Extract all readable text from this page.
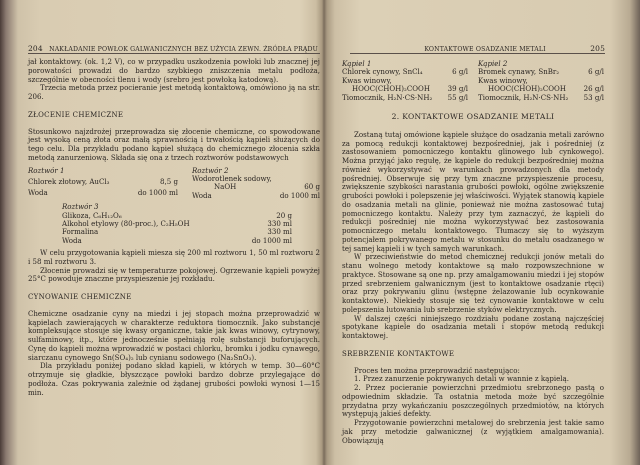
204 NAKŁADANIE POWŁOK GALWANICZNYCH BEZ UŻYCIA ZEWN. ŹRÓDŁA PRĄDU	KONTAKTOWE OSADZANIE METALI	205

jał kontaktowy. (ok. 1,2 V), co w przypadku uszkodzenia powłoki lub znacznej jej porowatości prowadzi do bardzo szybkiego zniszczenia metalu podłoża, szczególnie w obecności tlenu i wody (srebro jest powłoką katodową).

Trzecia metoda przez pocieranie jest metodą kontaktową, omówiono ją na str. 206.

ZŁOCENIE CHEMICZNE

Stosunkowo najzdrożej przeprowadza się złocenie chemiczne, co spowodowane jest wysoką ceną złota oraz małą sprawnością i trwałością kąpieli służących do tego celu. Dla przykładu podano kąpiel służącą do chemicznego złocenia szkła metodą zanurzeniową. Składa się ona z trzech roztworów podstawowych

Roztwór 1	
Chlorek złotowy, AuCl₃	8,5 g
Woda	do 1000 ml
Roztwór 2	
Wodorotlenek sodowy,	
NaOH	60 g
Woda	do 1000 ml
Roztwór 3	
Glikoza, C₆H₁₂O₆	20 g
Alkohol etylowy (80-proc.), C₂H₅OH	330 ml
Formalina	330 ml
Woda	do 1000 ml

W celu przygotowania kąpieli miesza się 200 ml roztworu 1, 50 ml roztworu 2 i 58 ml roztworu 3.

Złocenie prowadzi się w temperaturze pokojowej. Ogrzewanie kąpieli powyżej 25°C powoduje znaczne przyspieszenie jej rozkładu.

CYNOWANIE CHEMICZNE

Chemiczne osadzanie cyny na miedzi i jej stopach można przeprowadzić w kąpielach zawierających w charakterze reduktora tiomocznik. Jako substancje kompleksujące stosuje się kwasy organiczne, takie jak kwas winowy, cytrynowy, sulfaminowy, itp., które jednocześnie spełniają rolę substancji buforujących. Cynę do kąpieli można wprowadzić w postaci chlorku, bromku i jodku cynawego, siarczanu cynowego Sn(SO₄)₂ lub cynianu sodowego (Na₂SnO₃).

Dla przykładu poniżej podano skład kąpieli, w których w temp. 30—60°C otrzymuje się gładkie, błyszczące powłoki bardzo dobrze przylegające do podłoża. Czas pokrywania zależnie od żądanej grubości powłoki wynosi 1—15 min.

Kąpiel 1	
Chlorek cynowy, SnCl₄	6 g/l
Kwas winowy,	
HOOC(CHOH)₂COOH	39 g/l
Tiomocznik, H₂N·CS·NH₂	55 g/l
Kąpiel 2	
Bromek cynawy, SnBr₂	6 g/l
Kwas winowy,	
HOOC(CHOH)₂COOH	26 g/l
Tiomocznik, H₂N·CS·NH₂	53 g/l
2. KONTAKTOWE OSADZANIE METALI

Zostaną tutaj omówione kąpiele służące do osadzania metali zarówno za pomocą redukcji kontaktowej bezpośredniej, jak i pośredniej (z zastosowaniem pomocniczego kontaktu glinowego lub cynkowego). Można przyjąć jako regułę, że kąpiele do redukcji bezpośredniej można również wykorzystywać w warunkach prowadzonych dla metody pośredniej. Obserwuje się przy tym znaczne przyspieszenie procesu, zwiększenie szybkości narastania grubości powłoki, ogólne zwiększenie grubości powłoki i polepszenie jej właściwości. Wyjątek stanowią kąpiele do osadzania metali na glinie, ponieważ nie można zastosować tutaj pomocniczego kontaktu. Należy przy tym zaznaczyć, że kąpieli do redukcji pośredniej nie można wykorzystywać bez zastosowania pomocniczego metalu kontaktowego. Tłumaczy się to wyższym potencjałem pokrywanego metalu w stosunku do metalu osadzanego w tej samej kąpieli i w tych samych warunkach.

W przeciwieństwie do metod chemicznej redukcji jonów metali do stanu wolnego metody kontaktowe są mało rozpowszechnione w praktyce. Stosowane są one np. przy amalgamowaniu miedzi i jej stopów przed srebrzeniem galwanicznym (jest to kontaktowe osadzanie rtęci) oraz przy pokrywaniu glinu (wstępne żelazowanie lub ocynkowanie kontaktowe). Niekiedy stosuje się też cynowanie kontaktowe w celu polepszenia lutowania lub srebrzenie styków elektrycznych.

W dalszej części niniejszego rozdziału podane zostaną najczęściej spotykane kąpiele do osadzania metali i stopów metodą redukcji kontaktowej.

SREBRZENIE KONTAKTOWE

Proces ten można przeprowadzić następująco:

1. Przez zanurzenie pokrywanych detali w wannie z kąpielą.

2. Przez pocieranie powierzchni przedmiotu srebrzonego pastą o odpowiednim składzie. Ta ostatnia metoda może być szczególnie przydatna przy wykańczaniu poszczególnych przedmiotów, na których występują jakieś defekty.

Przygotowanie powierzchni metalowej do srebrzenia jest takie samo jak przy metodzie galwanicznej (z wyjątkiem amalgamowania). Obowiązują
